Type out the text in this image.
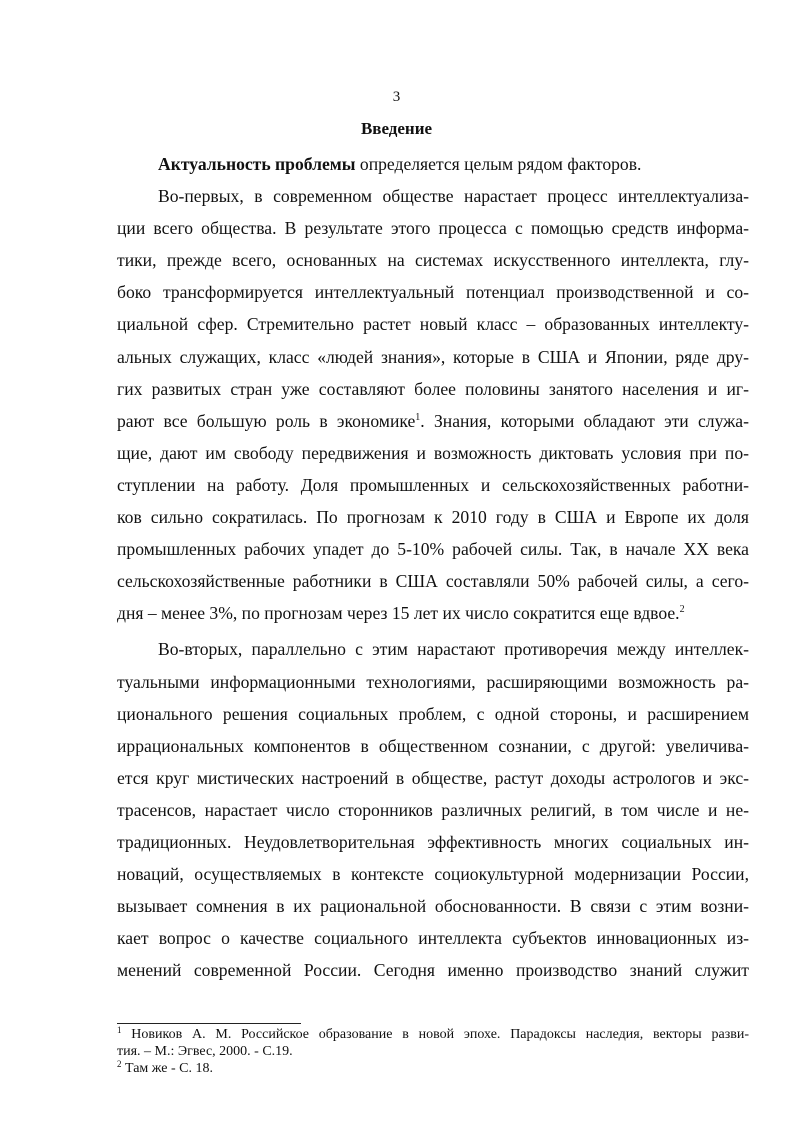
3
Введение
Актуальность проблемы определяется целым рядом факторов.
Во-первых, в современном обществе нарастает процесс интеллектуализа-
ции всего общества. В результате этого процесса с помощью средств информа-
тики, прежде всего, основанных на системах искусственного интеллекта, глу-
боко трансформируется интеллектуальный потенциал производственной и со-
циальной сфер. Стремительно растет новый класс – образованных интеллекту-
альных служащих, класс «людей знания», которые в США и Японии, ряде дру-
гих развитых стран уже составляют более половины занятого населения и иг-
рают все большую роль в экономике$^1$. Знания, которыми обладают эти служа-
щие, дают им свободу передвижения и возможность диктовать условия при по-
ступлении на работу. Доля промышленных и сельскохозяйственных работни-
ков сильно сократилась. По прогнозам к 2010 году в США и Европе их доля
промышленных рабочих упадет до 5-10% рабочей силы. Так, в начале XX века
сельскохозяйственные работники в США составляли 50% рабочей силы, а сего-
дня – менее 3%, по прогнозам через 15 лет их число сократится еще вдвое.$^2$
Во-вторых, параллельно с этим нарастают противоречия между интеллек-
туальными информационными технологиями, расширяющими возможность ра-
ционального решения социальных проблем, с одной стороны, и расширением
иррациональных компонентов в общественном сознании, с другой: увеличива-
ется круг мистических настроений в обществе, растут доходы астрологов и экс-
трасенсов, нарастает число сторонников различных религий, в том числе и не-
традиционных. Неудовлетворительная эффективность многих социальных ин-
новаций, осуществляемых в контексте социокультурной модернизации России,
вызывает сомнения в их рациональной обоснованности. В связи с этим возни-
кает вопрос о качестве социального интеллекта субъектов инновационных из-
менений современной России. Сегодня именно производство знаний служит
$^1$ Новиков А. М. Российское образование в новой эпохе. Парадоксы наследия, векторы разви-
тия. – М.: Эгвес, 2000. - С.19.
$^2$ Там же - С. 18.
